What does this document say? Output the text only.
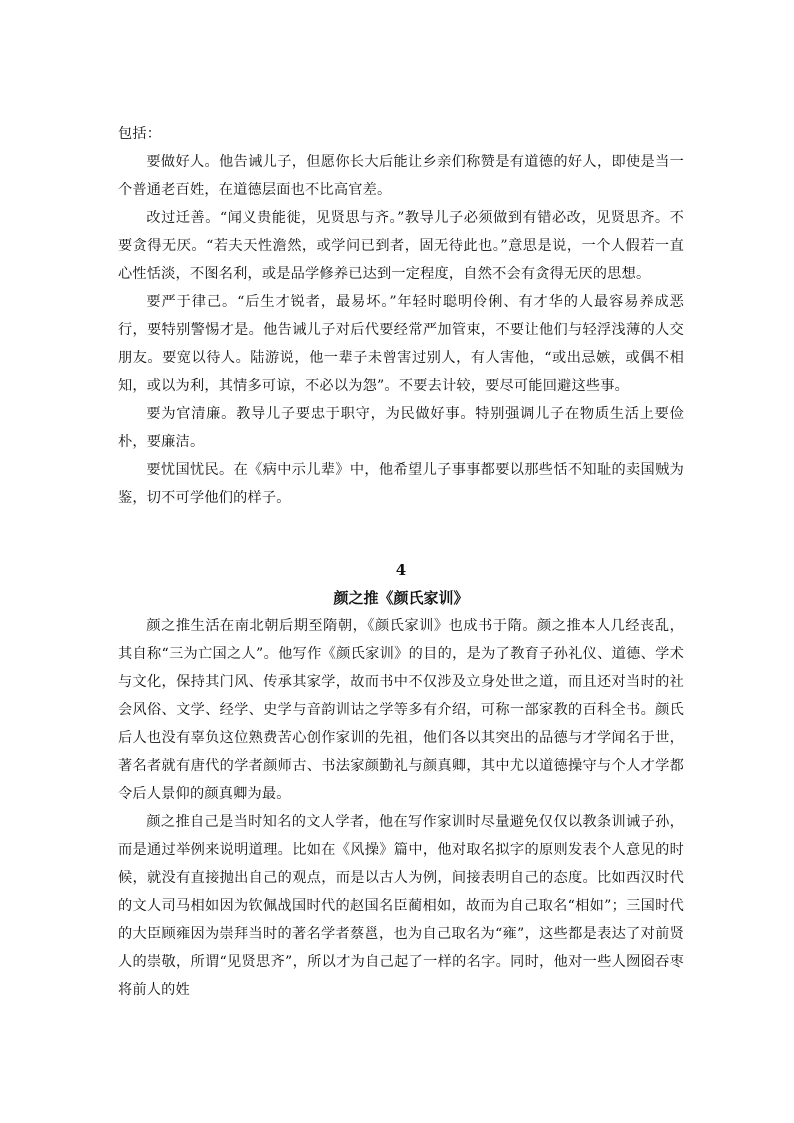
包括：

要做好人。他告诫儿子，但愿你长大后能让乡亲们称赞是有道德的好人，即使是当一个普通老百姓，在道德层面也不比高官差。

改过迁善。“闻义贵能徙，见贤思与齐。”教导儿子必须做到有错必改，见贤思齐。不要贪得无厌。“若夫天性澹然，或学问已到者，固无待此也。”意思是说，一个人假若一直心性恬淡，不图名利，或是品学修养已达到一定程度，自然不会有贪得无厌的思想。

要严于律己。“后生才锐者，最易坏。”年轻时聪明伶俐、有才华的人最容易养成恶行，要特别警惕才是。他告诫儿子对后代要经常严加管束，不要让他们与轻浮浅薄的人交朋友。要宽以待人。陆游说，他一辈子未曾害过别人，有人害他，“或出忌嫉，或偶不相知，或以为利，其情多可谅，不必以为怨”。不要去计较，要尽可能回避这些事。

要为官清廉。教导儿子要忠于职守，为民做好事。特别强调儿子在物质生活上要俭朴，要廉洁。

要忧国忧民。在《病中示儿辈》中，他希望儿子事事都要以那些恬不知耻的卖国贼为鉴，切不可学他们的样子。

4

颜之推《颜氏家训》

颜之推生活在南北朝后期至隋朝，《颜氏家训》也成书于隋。颜之推本人几经丧乱，其自称“三为亡国之人”。他写作《颜氏家训》的目的，是为了教育子孙礼仪、道德、学术与文化，保持其门风、传承其家学，故而书中不仅涉及立身处世之道，而且还对当时的社会风俗、文学、经学、史学与音韵训诂之学等多有介绍，可称一部家教的百科全书。颜氏后人也没有辜负这位熟费苦心创作家训的先祖，他们各以其突出的品德与才学闻名于世，著名者就有唐代的学者颜师古、书法家颜勤礼与颜真卿，其中尤以道德操守与个人才学都令后人景仰的颜真卿为最。

颜之推自己是当时知名的文人学者，他在写作家训时尽量避免仅仅以教条训诫子孙，而是通过举例来说明道理。比如在《风操》篇中，他对取名拟字的原则发表个人意见的时候，就没有直接抛出自己的观点，而是以古人为例，间接表明自己的态度。比如西汉时代的文人司马相如因为钦佩战国时代的赵国名臣蔺相如，故而为自己取名“相如”；三国时代的大臣顾雍因为崇拜当时的著名学者蔡邕，也为自己取名为“雍”，这些都是表达了对前贤人的崇敬，所谓“见贤思齐”，所以才为自己起了一样的名字。同时，他对一些人囫囵吞枣将前人的姓
